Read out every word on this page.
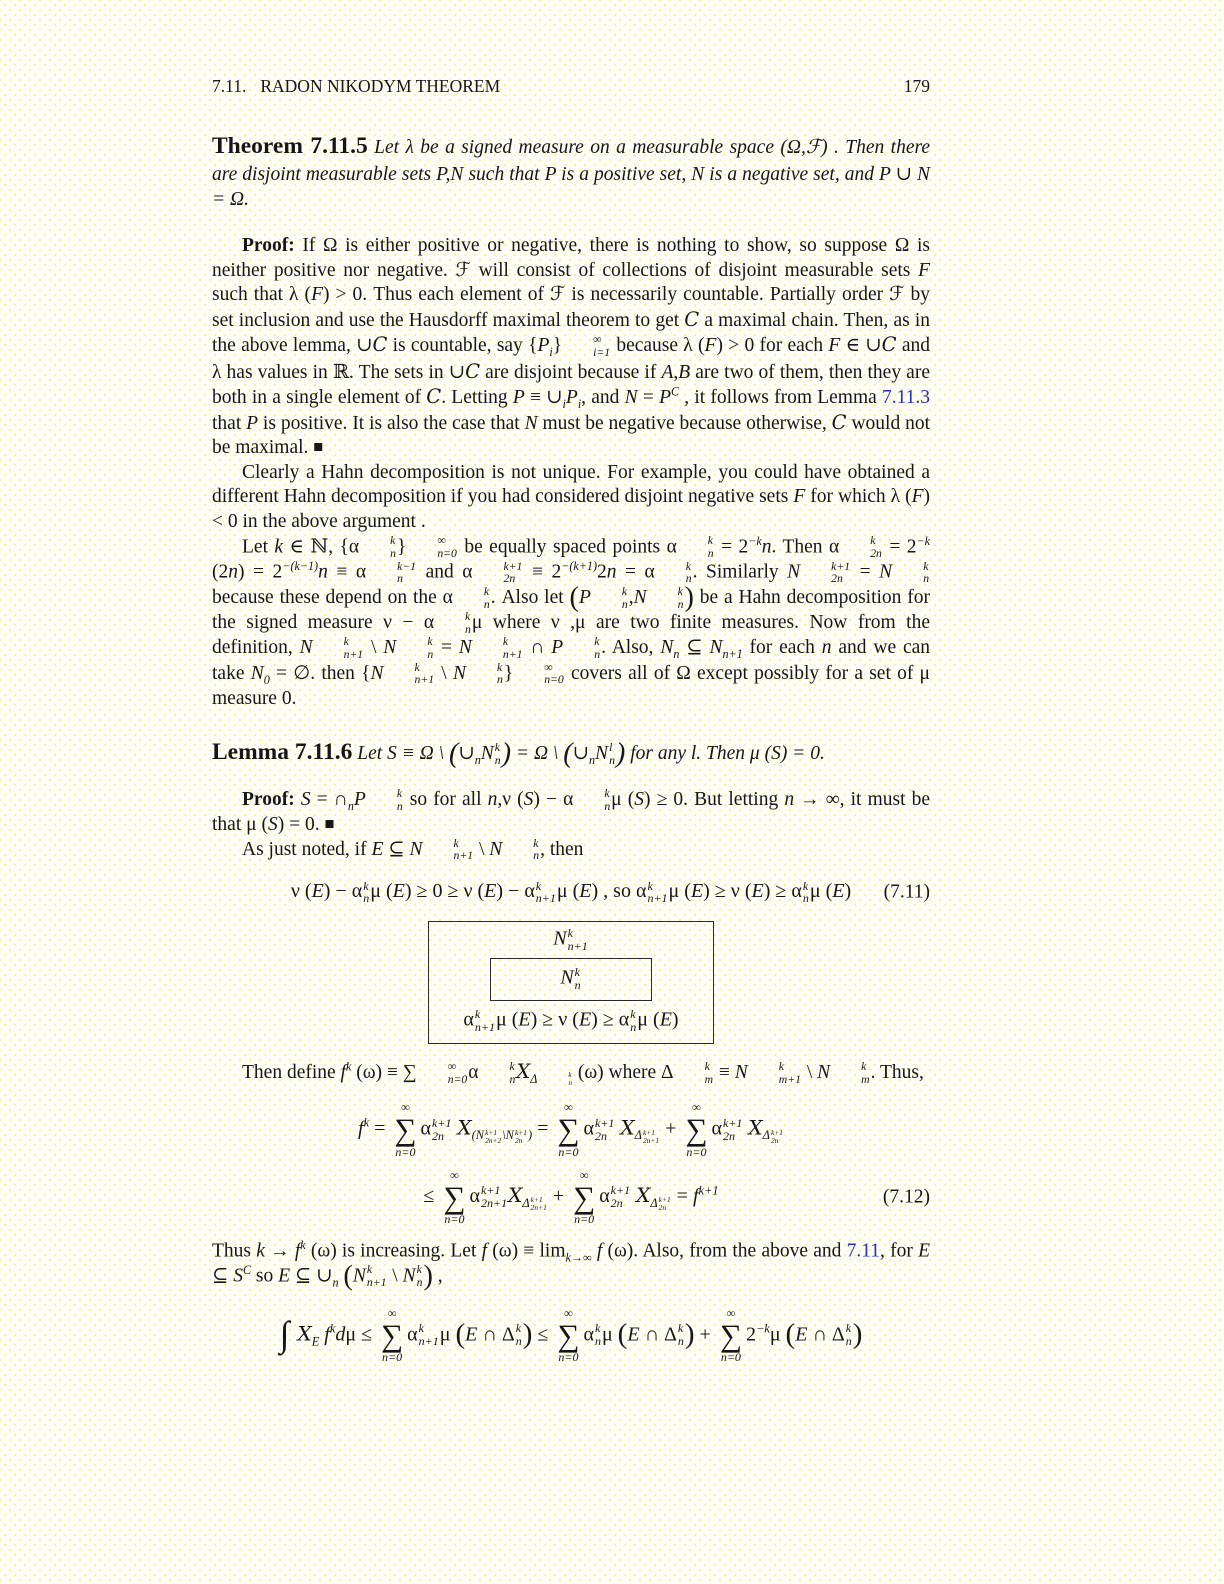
7.11. RADON NIKODYM THEOREM	179

Theorem 7.11.5 Let λ be a signed measure on a measurable space (Ω,ℱ) . Then there are disjoint measurable sets P,N such that P is a positive set, N is a negative set, and P ∪ N = Ω.

Proof: If Ω is either positive or negative, there is nothing to show, so suppose Ω is neither positive nor negative. ℱ will consist of collections of disjoint measurable sets F such that λ (F) > 0. Thus each element of ℱ is necessarily countable. Partially order ℱ by set inclusion and use the Hausdorff maximal theorem to get C a maximal chain. Then, as in the above lemma, ∪C is countable, say $\{P_i\}$	∞
i=1 because λ (F) > 0 for each F ∈ ∪C and λ has values in ℝ. The sets in ∪C are disjoint because if A,B are two of them, then they are both in a single element of C. Letting $P \equiv \cup_iP_i$, and $N = P^C$ , it follows from Lemma 7.11.3 that P is positive. It is also the case that N must be negative because otherwise, C would not be maximal. ■

Clearly a Hahn decomposition is not unique. For example, you could have obtained a different Hahn decomposition if you had considered disjoint negative sets F for which λ (F) < 0 in the above argument .

Let k ∈ ℕ, {α	k
n }	∞
n=0 be equally spaced points α	k
$n = 2^{-k}n$. Then α	k
$2n = 2^{-k}$ $(2n) = 2^{-(k-1)}n \equiv \alpha$	k−1
n and α	k+1
$2n \equiv 2^{-(k+1)}2n = \alpha$	k
n . Similarly N	k+1
2n = N	k
n
because these depend on the α	k
n . Also let (P	k
n ,N	k
n ) be a Hahn decomposition for the signed measure ν − α	k
n μ where ν ,μ are two finite measures. Now from the definition, N	k
n+1 \ N	k
n = N	k
n+1 ∩ P	k
n . Also, $N_n$ ⊆ $N_{n+1}$ for each n and we can take $N_0$ = ∅. then {N	k
n+1 \ N	k
n }	∞
n=0 covers all of Ω except possibly for a set of μ measure 0.

Lemma 7.11.6 Let S ≡ Ω \ ($\cup_nN$ k
n ) = Ω \ ($\cup_nN$ l
n ) for any l. Then μ (S) = 0.

Proof: $S = \cap_nP$	k
n so for all n,ν (S) − α	k
n μ (S) ≥ 0. But letting n → ∞, it must be that μ (S) = 0. ■

As just noted, if E ⊆ N	k
n+1 \ N	k
n , then

ν (E) − α k
n μ (E) ≥ 0 ≥ ν (E) − α k
n+1 μ (E) , so α k
n+1 μ (E) ≥ ν (E) ≥ α k
n μ (E) (7.11)
N k
n+1
N k
n
α k
n+1 μ (E) ≥ ν (E) ≥ α k
n μ (E)

Then define $f^k$ (ω) ≡ ∑	∞
n=0 α	k
n $X_{\Delta k n}$
(ω) where Δ	k
m ≡ N	k
m+1 \ N	k
m . Thus,

$f^k$ =
∞
∑
n=0
α k+1
2n $X_{(N k+1 2n+2 \backslash N k+1 2n )}$ =
∞
∑
n=0
α k+1
2n $X_{\Delta k+1 2n+1}$
+
∞
∑
n=0
α k+1
2n $X_{\Delta k+1 2n}$
≤
∞
∑
n=0
α k+1
2n+1 $X_{\Delta k+1 2n+1}$
+
∞
∑
n=0
α k+1
2n $X_{\Delta k+1 2n}$
= $f^{k+1}$	(7.12)

Thus $k \to f^k$ (ω) is increasing. Let f $(\omega) \equiv \lim_{k\to\infty} f$ (ω). Also, from the above and 7.11, for E ⊆ $S^C$ so E ⊆ $\cup_n$ (N k
n+1 \ N k
n ) ,

∫ $X_E$ $f^kd\mu$ ≤
∞
∑
n=0
α k
n+1 μ (E ∩ Δ k
n ) ≤
∞
∑
n=0
α k
n μ (E ∩ Δ k
n ) +
∞
∑
n=0
$2^{-k}\mu$ (E ∩ Δ k
n )
